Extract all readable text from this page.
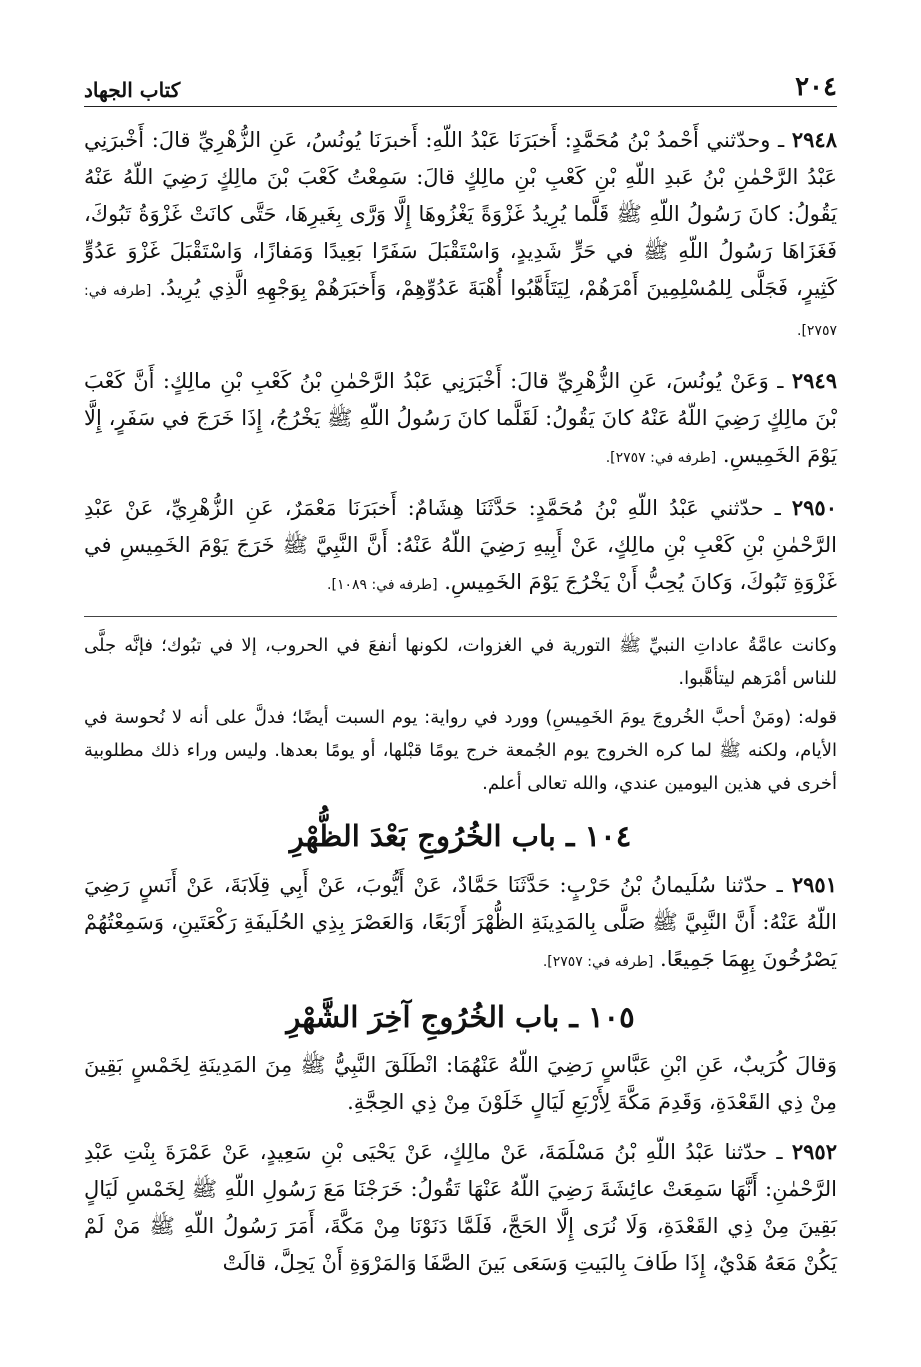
٢٠٤
كتاب الجهاد

٢٩٤٨ ـ وحدّثني أَحْمدُ بْنُ مُحَمَّدٍ: أَخبَرَنَا عَبْدُ اللّهِ: أَخبرَنَا يُونُسُ، عَنِ الزُّهْرِيِّ قالَ: أَخْبرَنِي عَبْدُ الرَّحْمٰنِ بْنُ عَبدِ اللّهِ بْنِ كَعْبِ بْنِ مالِكٍ قالَ: سَمِعْتُ كَعْبَ بْنَ مالِكٍ رَضِيَ اللّهُ عَنْهُ يَقُولُ: كانَ رَسُولُ اللّهِ ﷺ قَلَّما يُرِيدُ غَزْوَةً يَغْزُوهَا إِلَّا وَرَّى بِغَيرِهَا، حَتَّى كانَتْ غَزْوَةُ تَبُوكَ، فَغَزَاهَا رَسُولُ اللّهِ ﷺ في حَرٍّ شَدِيدٍ، وَاسْتَقْبَلَ سَفَرًا بَعِيدًا وَمَفازًا، وَاسْتَقْبَلَ غَزْوَ عَدُوٍّ كَثِيرٍ، فَجَلَّى لِلمُسْلِمِينَ أَمْرَهُمْ، لِيَتَأَهَّبُوا أُهْبَةَ عَدُوِّهِمْ، وَأَخبَرَهُمْ بِوَجْهِهِ الَّذِي يُرِيدُ. [طرفه في: ٢٧٥٧].

٢٩٤٩ ـ وَعَنْ يُونُسَ، عَنِ الزُّهْرِيِّ قالَ: أَخْبَرَنِي عَبْدُ الرَّحْمٰنِ بْنُ كَعْبِ بْنِ مالِكٍ: أَنَّ كَعْبَ بْنَ مالِكٍ رَضِيَ اللّهُ عَنْهُ كانَ يَقُولُ: لَقَلَّما كانَ رَسُولُ اللّهِ ﷺ يَخْرُجُ، إِذَا خَرَجَ في سَفَرٍ، إِلَّا يَوْمَ الخَمِيسِ. [طرفه في: ٢٧٥٧].

٢٩٥٠ ـ حدّثني عَبْدُ اللّهِ بْنُ مُحَمَّدٍ: حَدَّثَنَا هِشَامٌ: أَخبَرَنَا مَعْمَرٌ، عَنِ الزُّهْرِيِّ، عَنْ عَبْدِ الرَّحْمٰنِ بْنِ كَعْبِ بْنِ مالِكٍ، عَنْ أَبِيهِ رَضِيَ اللّهُ عَنْهُ: أَنَّ النَّبِيَّ ﷺ خَرَجَ يَوْمَ الخَمِيسِ في غَزْوَةِ تَبُوكَ، وَكانَ يُحِبُّ أَنْ يَخْرُجَ يَوْمَ الخَمِيسِ. [طرفه في: ١٠٨٩].

وكانت عامَّةُ عاداتِ النبيِّ ﷺ التورية في الغزوات، لكونها أنفعَ في الحروب، إلا في تبُوك؛ فإنَّه جلَّى للناس أمْرَهم ليتأهَّبوا.

قوله: (ومَنْ أحبَّ الخُروجَ يومَ الخَمِيسِ) وورد في رواية: يوم السبت أيضًا؛ فدلَّ على أنه لا نُحوسة في الأيام، ولكنه ﷺ لما كره الخروج يوم الجُمعة خرج يومًا قبْلها، أو يومًا بعدها. وليس وراء ذلك مطلوبية أخرى في هذين اليومين عندي، والله تعالى أعلم.

١٠٤ ـ باب الخُرُوجِ بَعْدَ الظُّهْرِ

٢٩٥١ ـ حدّثنا سُلَيمانُ بْنُ حَرْبٍ: حَدَّثَنَا حَمَّادٌ، عَنْ أَيُّوبَ، عَنْ أَبِي قِلَابَةَ، عَنْ أَنَسٍ رَضِيَ اللّهُ عَنْهُ: أَنَّ النَّبِيَّ ﷺ صَلَّى بِالمَدِينَةِ الظُّهْرَ أَرْبَعًا، وَالعَصْرَ بِذِي الحُلَيفَةِ رَكْعَتَينِ، وَسَمِعْتُهُمْ يَصْرُخُونَ بِهِمَا جَمِيعًا. [طرفه في: ٢٧٥٧].

١٠٥ ـ باب الخُرُوجِ آخِرَ الشَّهْرِ

وَقالَ كُرَيبٌ، عَنِ ابْنِ عَبَّاسٍ رَضِيَ اللّهُ عَنْهُمَا: انْطَلَقَ النَّبِيُّ ﷺ مِنَ المَدِينَةِ لِخَمْسٍ بَقِينَ مِنْ ذِي القَعْدَةِ، وَقَدِمَ مَكَّةَ لِأَرْبَعِ لَيَالٍ خَلَوْنَ مِنْ ذِي الحِجَّةِ.

٢٩٥٢ ـ حدّثنا عَبْدُ اللّهِ بْنُ مَسْلَمَةَ، عَنْ مالِكٍ، عَنْ يَحْيَى بْنِ سَعِيدٍ، عَنْ عَمْرَةَ بِنْتِ عَبْدِ الرَّحْمٰنِ: أَنَّهَا سَمِعَتْ عائِشَةَ رَضِيَ اللّهُ عَنْهَا تَقُولُ: خَرَجْنَا مَعَ رَسُولِ اللّهِ ﷺ لِخَمْسِ لَيَالٍ بَقِينَ مِنْ ذِي القَعْدَةِ، وَلَا نُرَى إِلَّا الحَجَّ، فَلَمَّا دَنَوْنَا مِنْ مَكَّةَ، أَمَرَ رَسُولُ اللّهِ ﷺ مَنْ لَمْ يَكُنْ مَعَهُ هَدْيٌ، إِذَا طَافَ بِالبَيتِ وَسَعَى بَينَ الصَّفَا وَالمَرْوَةِ أَنْ يَحِلَّ، قالَتْ
